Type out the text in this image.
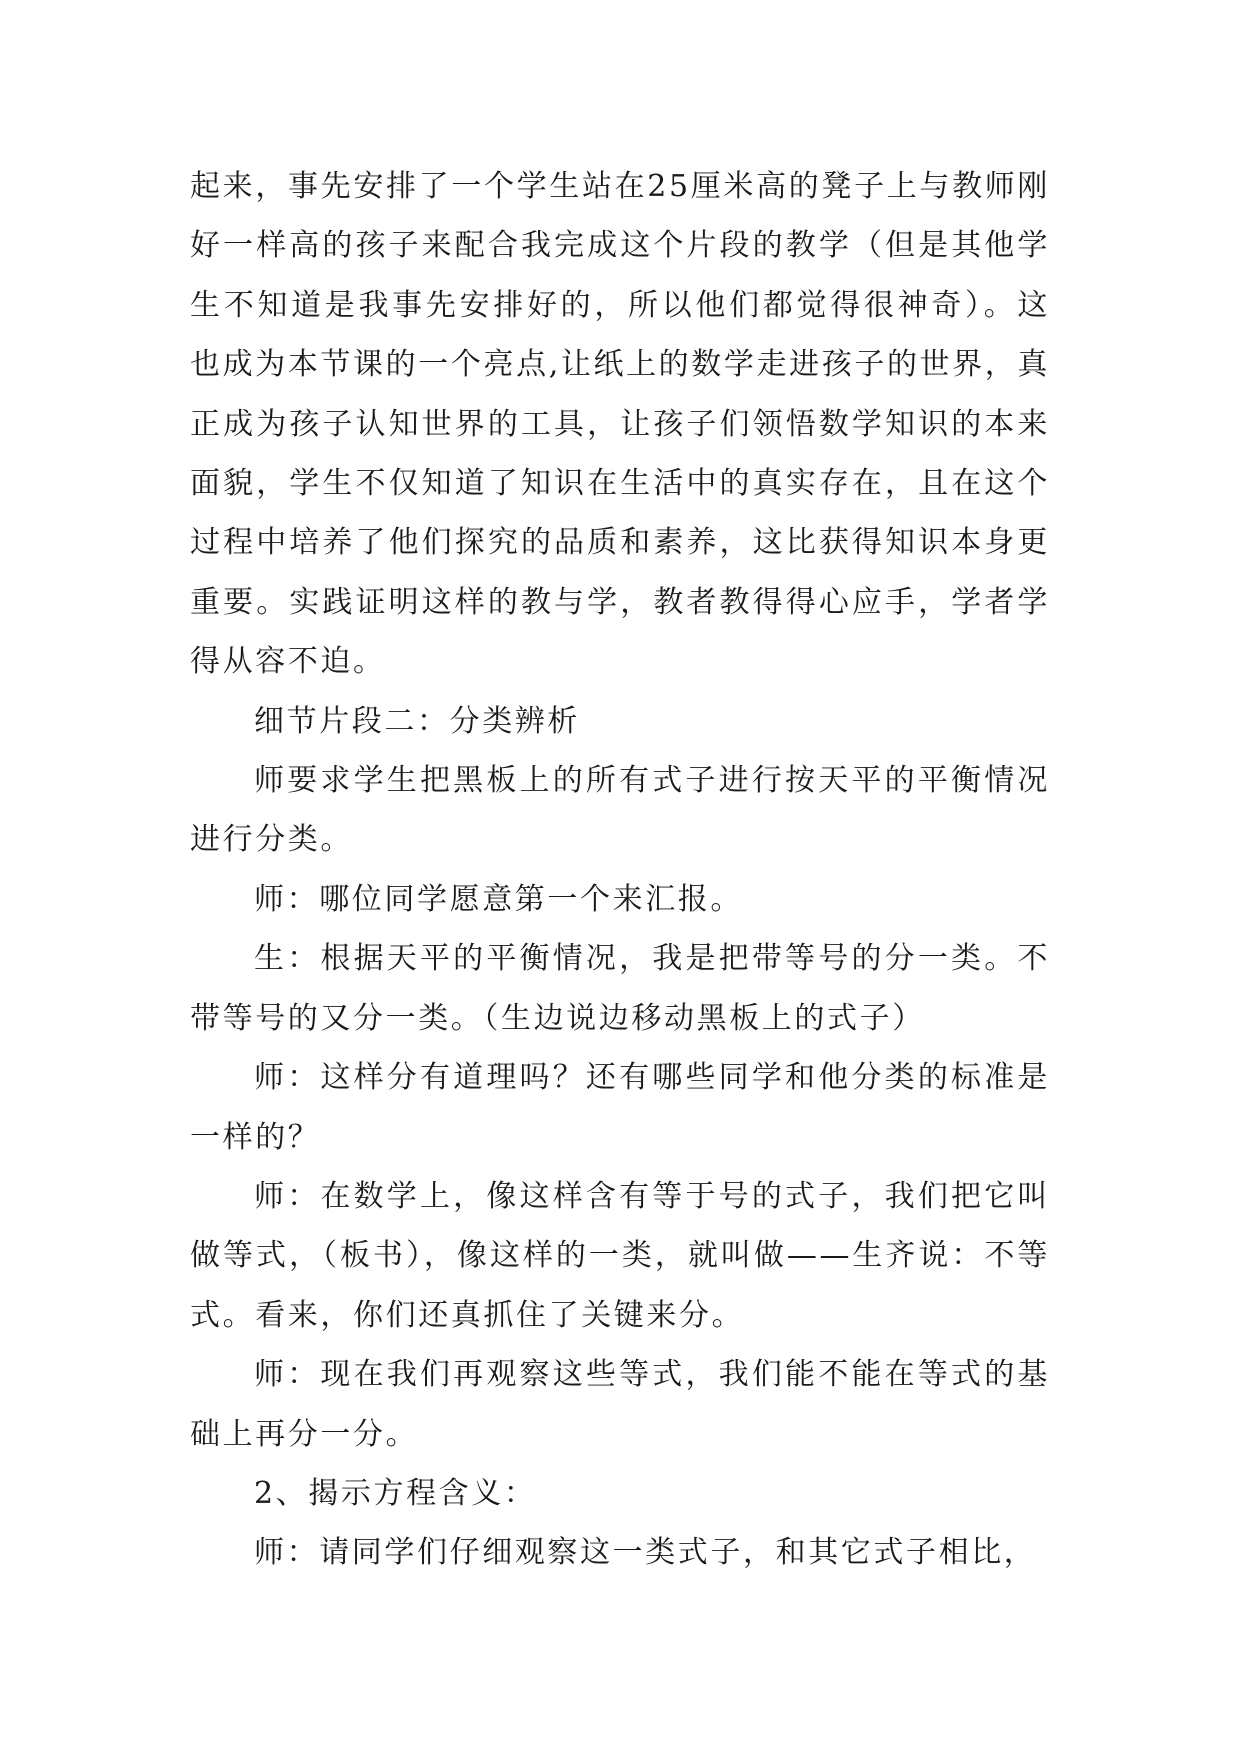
起来，事先安排了一个学生站在25厘米高的凳子上与教师刚好一样高的孩子来配合我完成这个片段的教学（但是其他学生不知道是我事先安排好的，所以他们都觉得很神奇）。这也成为本节课的一个亮点,让纸上的数学走进孩子的世界，真正成为孩子认知世界的工具，让孩子们领悟数学知识的本来面貌，学生不仅知道了知识在生活中的真实存在，且在这个过程中培养了他们探究的品质和素养，这比获得知识本身更重要。实践证明这样的教与学，教者教得得心应手，学者学得从容不迫。

细节片段二：分类辨析

师要求学生把黑板上的所有式子进行按天平的平衡情况进行分类。

师：哪位同学愿意第一个来汇报。

生：根据天平的平衡情况，我是把带等号的分一类。不带等号的又分一类。（生边说边移动黑板上的式子）

师：这样分有道理吗？还有哪些同学和他分类的标准是一样的？

师：在数学上，像这样含有等于号的式子，我们把它叫做等式，（板书），像这样的一类，就叫做——生齐说：不等式。看来，你们还真抓住了关键来分。

师：现在我们再观察这些等式，我们能不能在等式的基础上再分一分。

2、揭示方程含义：

师：请同学们仔细观察这一类式子，和其它式子相比，
